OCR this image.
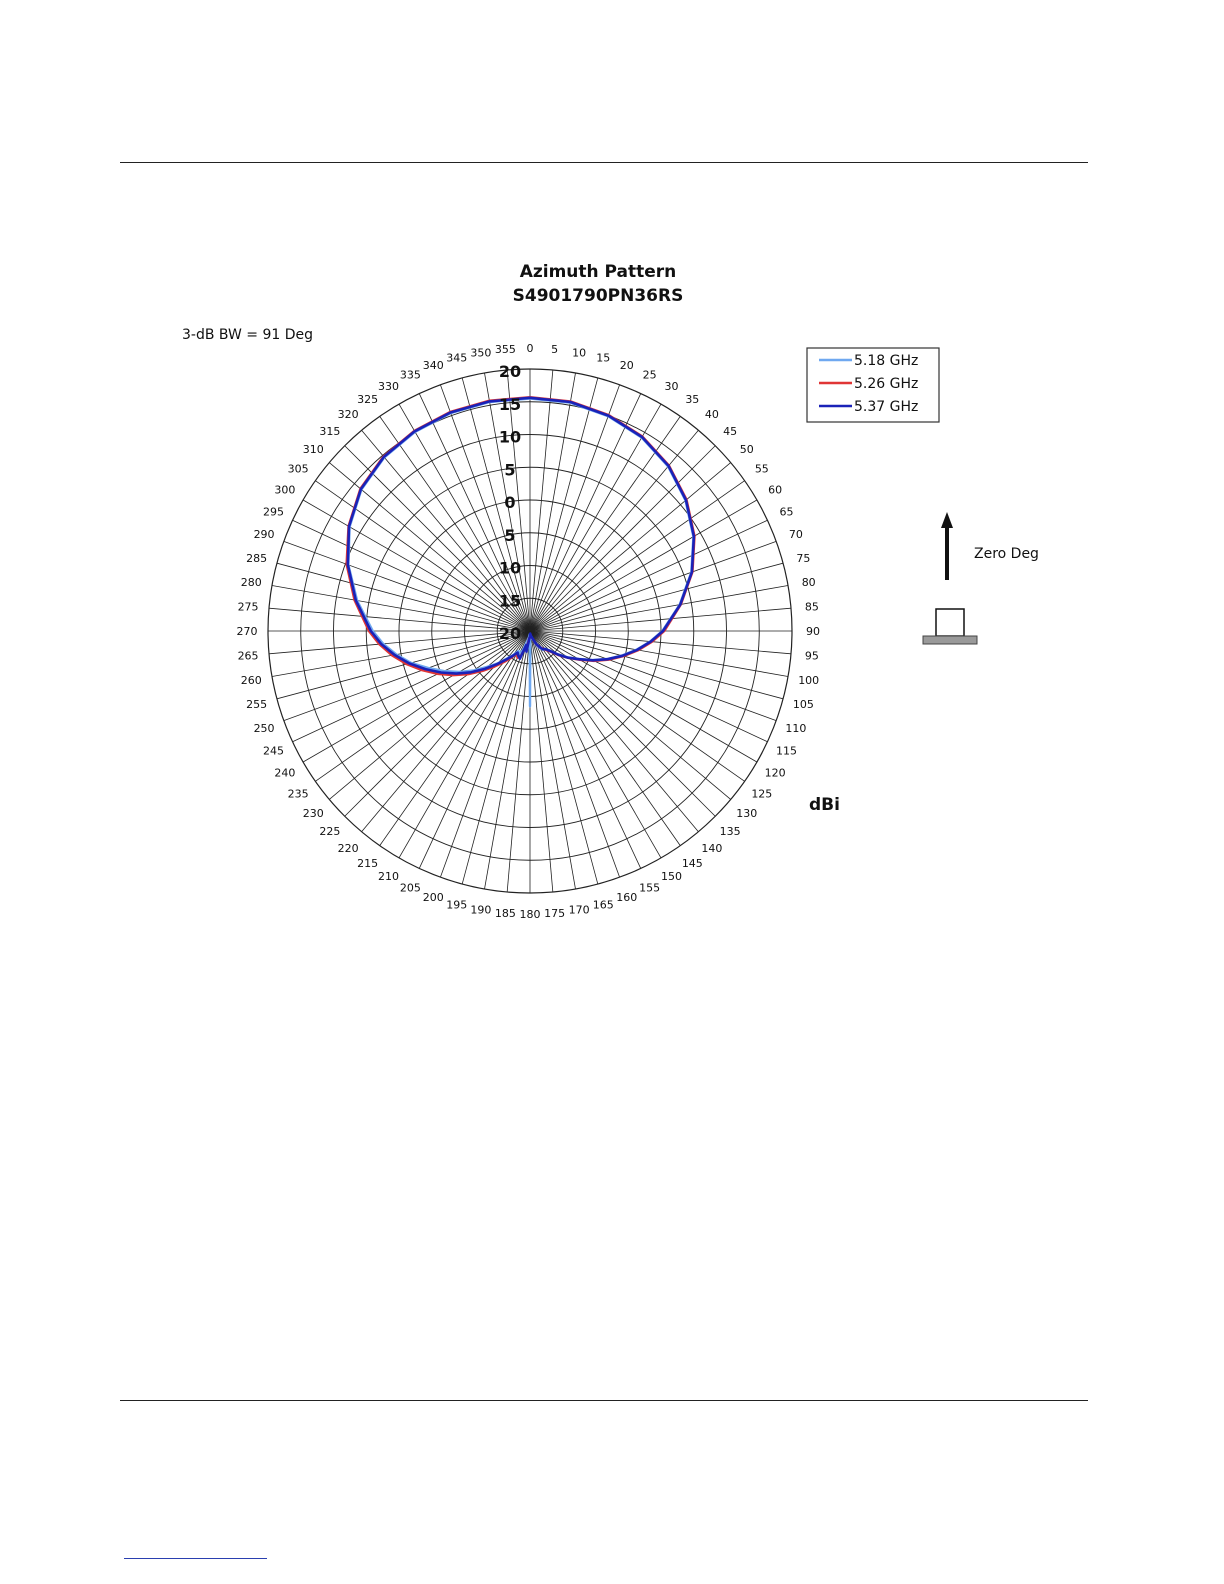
Azimuth Pattern
S4901790PN36RS
3-dB BW = 91 Deg
dBi
0 5 10 15
20
25
30
35
40
45
50
55
60
65
70
75
80
85
90
95
100
105
110
115
120
125
130
135
140
145
150
155
160
165
170
175
180
185
190
195
200
205
210
215
220
225
230
235
240
245
250
255
260
265
270
275
280
285
290
295
300
305
310
315
320
325
330
335
340
345 350 355
20
15
10
5
0
5
10
15
20
5.18 GHz
5.26 GHz
5.37 GHz
Zero Deg
